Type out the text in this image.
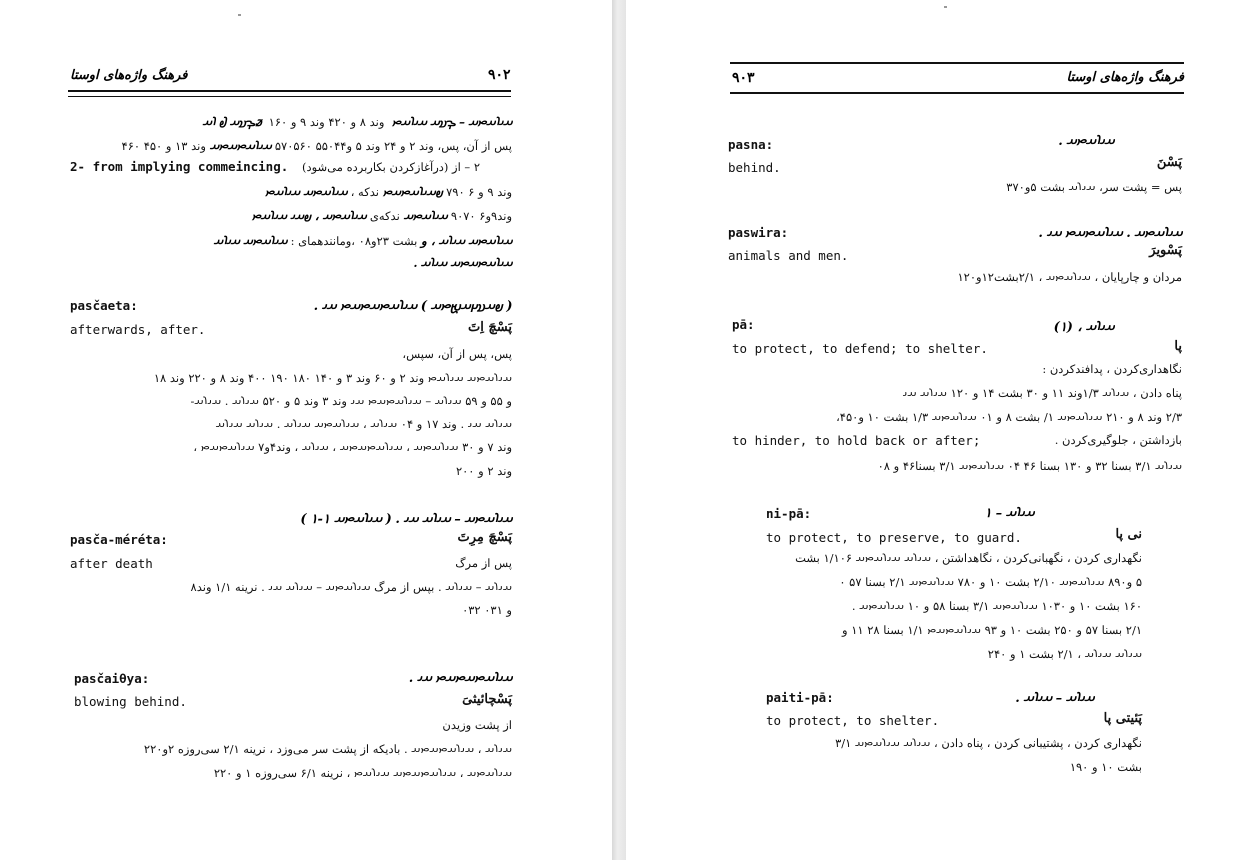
۹۰۲
فرهنگ واژه‌های اوستا
𐬀𐬌𐬭𐬀𐬙𐬀 – 𐬋𐬯𐬀 𐬀𐬌𐬭𐬀𐬙  وند ۸ و ۴۲۰ وند ۹ و ۱۶۰  ꬿ𐬋𐬯𐬀 𐬟 𐬭𐬀
پس از آن، پس، وند ۲ و ۲۴ وند ۵ و۵۵۰۴۴ ۵۷۰۵۶۰ 𐬀𐬌𐬭𐬀𐬙𐬀𐬙𐬀 وند ۱۳ و ۴۵۰ ۴۶۰
2- from implying commeincing. ۲ – از (درآغازکردن بکاربرده می‌شود)
وند ۹ و ۶ ۷۹۰ 𐬞𐬀𐬌𐬭𐬀𐬙𐬀𐬙 ندکه ، 𐬀𐬌𐬭𐬀𐬙𐬀 𐬀𐬌𐬭𐬀𐬙
وند۹و۶ ۹۰۷۰ 𐬀𐬌𐬭𐬀𐬙𐬀 ندکه‌ی 𐬀𐬌𐬭𐬀𐬙𐬀 ، 𐬞𐬀𐬌 𐬀𐬌𐬭𐬀𐬙
𐬀𐬌𐬭𐬀𐬙𐬀 𐬀𐬌𐬭𐬀 ، و بشت ۲۳و۰۸ ،ومانندهمای : 𐬀𐬌𐬭𐬀𐬙𐬀 𐬀𐬌𐬭𐬀
𐬀𐬌𐬭𐬀𐬙𐬀𐬙𐬀 𐬀𐬌𐬭𐬀 .
pasčaeta:	( 𐬞𐬀𐬯𐬗𐬀𐬉𐬙𐬀 ) 𐬀𐬌𐬭𐬀𐬙𐬀𐬙𐬀𐬙 𐬀𐬌 .
afterwards, after.	پَسْچَ اِتَ
پس، پس از آن، سپس،
𐬀𐬌𐬭𐬀𐬙𐬀 𐬀𐬌𐬭𐬀𐬙 وند ۲ و ۶۰ وند ۳ و ۱۴۰ ۱۸۰ ۱۹۰ ۴۰۰ وند ۸ و ۲۲۰ وند ۱۸
و ۵۵ و ۵۹ 𐬀𐬌𐬭𐬀 – 𐬀𐬌𐬭𐬀𐬙𐬀𐬙 𐬀𐬌 وند ۳ وند ۵ و ۵۲۰ 𐬀𐬌𐬭𐬀 . 𐬀𐬌𐬭𐬀-
𐬀𐬌𐬭𐬀 𐬀𐬌 . وند ۱۷ و ۰۴ 𐬀𐬌𐬭𐬀 ، 𐬀𐬌𐬭𐬀𐬙𐬀 𐬀𐬌𐬭𐬀 . 𐬀𐬌𐬭𐬀 𐬀𐬌𐬭𐬀
وند ۷ و ۳۰ 𐬀𐬌𐬭𐬀𐬙𐬀 ، 𐬀𐬌𐬭𐬀𐬙𐬀𐬙𐬀 ، 𐬀𐬌𐬭𐬀 ، وند۴و۷ 𐬀𐬌𐬭𐬀𐬙𐬀𐬙 ،
وند ۲ و ۲۰۰
𐬀𐬌𐬭𐬀𐬙𐬀 – 𐬀𐬌𐬭𐬀 𐬀𐬌 . ( 𐬀𐬌𐬭𐬀𐬙𐬀 ۱-۱ )
pasča-méréta:	پَسْچَ مِرِتَ
after death	پس از مرگ
𐬀𐬌𐬭𐬀 – 𐬀𐬌𐬭𐬀 . بپس از مرگ 𐬀𐬌𐬭𐬀𐬙𐬀 – 𐬀𐬌𐬭𐬀 𐬀𐬌 . نرینه ۱/۱ وند۸
و ۰۳۱ ۰۳۲
pasčaiθya:	𐬀𐬌𐬭𐬀𐬙𐬀𐬙𐬀𐬙 𐬀𐬌 .
blowing behind.	پَسْچائیثیَ
از پشت وزیدن
𐬀𐬌𐬭𐬀 ، 𐬀𐬌𐬭𐬀𐬙𐬀𐬙𐬀 . بادیکه از پشت سر می‌وزد ، نرینه ۲/۱ سی‌روزه ۲و۲۲۰
𐬀𐬌𐬭𐬀𐬙𐬀 ، 𐬀𐬌𐬭𐬀𐬙𐬀𐬙𐬀 𐬀𐬌𐬭𐬀𐬙 ، نرینه ۶/۱ سی‌روزه ۱ و ۲۲۰
۹۰۳	فرهنگ واژه‌های اوستا
pasna:	𐬀𐬌𐬭𐬀𐬙𐬀 .
behind.	پَسْنَ
پس = پشت سر، 𐬀𐬌𐬭𐬀 بشت ۵و۳۷۰
paswira:	𐬀𐬌𐬭𐬀𐬙𐬀 . 𐬀𐬌𐬭𐬀𐬙𐬀𐬙 𐬀𐬌 .
animals and men.	پَسْویرَ
مردان و چارپایان ، 𐬀𐬌𐬭𐬀𐬙𐬀 ، ۲/۱بشت۱۲و۱۲۰
pā:	𐬀𐬌𐬭𐬀 ، (۱)
to protect, to defend; to shelter.	پا
نگاهداری‌کردن ، پدافندکردن :
پناه دادن ، 𐬀𐬌𐬭𐬀 ۱/۳وند ۱۱ و ۳۰ بشت ۱۴ و ۱۲۰ 𐬀𐬌𐬭𐬀 𐬀𐬌
۲/۳ وند ۸ و ۲۱۰ 𐬀𐬌𐬭𐬀𐬙𐬀 ۱/ بشت ۸ و ۰۱ 𐬀𐬌𐬭𐬀𐬙𐬀 ۱/۳ بشت ۱۰ و۴۵۰،
to hinder, to hold back or after;	بازداشتن ، جلوگیری‌کردن .
𐬀𐬌𐬭𐬀 ۳/۱ بسنا ۳۲ و ۱۳۰ بسنا ۴۶ ۰۴ 𐬀𐬌𐬭𐬀𐬙𐬀 ۳/۱ بسنا۴۶ و ۰۸
ni-pā:	𐬀𐬌𐬭𐬀 – ۱
to protect, to preserve, to guard.	نی پا
نگهداری کردن ، نگهبانی‌کردن ، نگاهداشتن ، 𐬀𐬌𐬭𐬀 𐬀𐬌𐬭𐬀𐬙𐬀 ۱/۱۰۶ بشت
۵ و۸۹۰ 𐬀𐬌𐬭𐬀𐬙𐬀 ۲/۱۰ بشت ۱۰ و ۷۸۰ 𐬀𐬌𐬭𐬀𐬙𐬀 ۲/۱ بسنا ۵۷ ۰
۱۶۰ بشت ۱۰ و ۱۰۳۰ 𐬀𐬌𐬭𐬀𐬙𐬀 ۳/۱ بسنا ۵۸ و ۱۰ 𐬀𐬌𐬭𐬀𐬙𐬀 .
۲/۱ بسنا ۵۷ و ۲۵۰ بشت ۱۰ و ۹۳ 𐬀𐬌𐬭𐬀𐬙𐬀𐬙 ۱/۱ بسنا ۲۸ ۱۱ و
𐬀𐬌𐬭𐬀 𐬀𐬌𐬭𐬀 ، ۲/۱ بشت ۱ و ۲۴۰
paiti-pā:	𐬀𐬌𐬭𐬀 – 𐬀𐬌𐬭𐬀 .
to protect, to shelter.	پَئیتی پا
نگهداری کردن ، پشتیبانی کردن ، پناه دادن ، 𐬀𐬌𐬭𐬀 𐬀𐬌𐬭𐬀𐬙𐬀 ۳/۱
بشت ۱۰ و ۱۹۰
